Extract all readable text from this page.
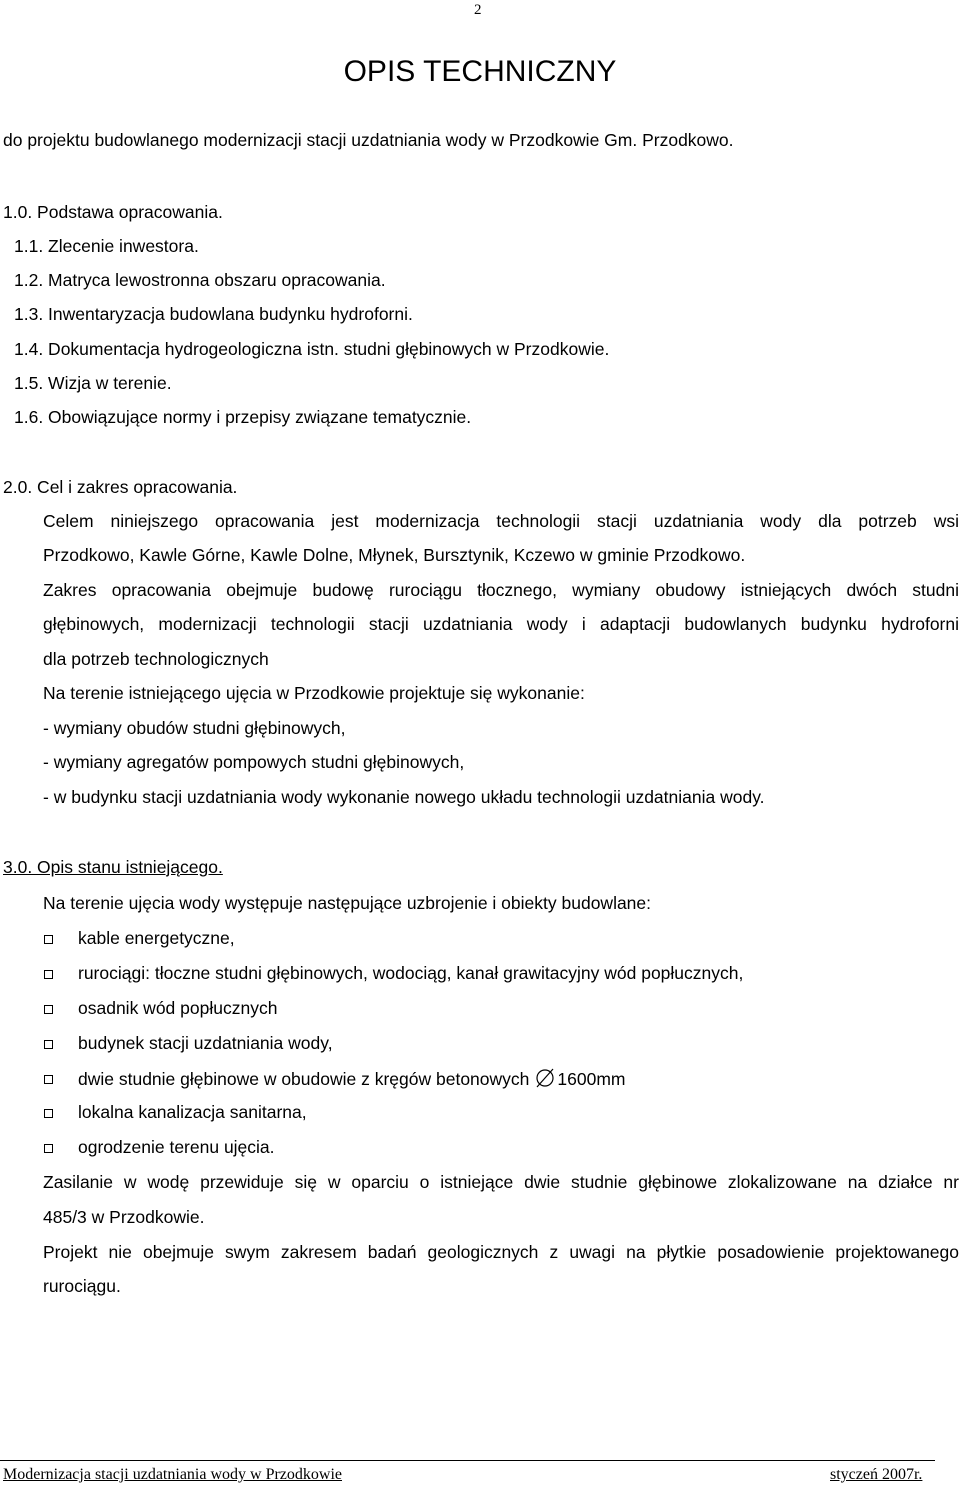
2
OPIS TECHNICZNY
do projektu budowlanego modernizacji stacji uzdatniania wody w Przodkowie Gm. Przodkowo.
1.0. Podstawa opracowania.
1.1. Zlecenie inwestora.
1.2. Matryca lewostronna obszaru opracowania.
1.3. Inwentaryzacja budowlana budynku hydroforni.
1.4. Dokumentacja hydrogeologiczna istn. studni głębinowych w Przodkowie.
1.5. Wizja w terenie.
1.6. Obowiązujące normy i przepisy związane tematycznie.
2.0. Cel i zakres opracowania.
Celem niniejszego opracowania jest modernizacja technologii stacji uzdatniania wody dla potrzeb wsi
Przodkowo, Kawle Górne, Kawle Dolne, Młynek, Bursztynik, Kczewo w gminie Przodkowo.
Zakres opracowania obejmuje budowę rurociągu tłocznego, wymiany obudowy istniejących dwóch studni
głębinowych, modernizacji technologii stacji uzdatniania wody i adaptacji budowlanych budynku hydroforni
dla potrzeb technologicznych
Na terenie istniejącego ujęcia w Przodkowie projektuje się wykonanie:
- wymiany obudów studni głębinowych,
- wymiany agregatów pompowych studni głębinowych,
- w budynku stacji uzdatniania wody wykonanie nowego układu technologii uzdatniania wody.
3.0. Opis stanu istniejącego.
Na terenie ujęcia wody występuje następujące uzbrojenie i obiekty budowlane:
kable energetyczne,
rurociągi: tłoczne studni głębinowych, wodociąg, kanał grawitacyjny wód popłucznych,
osadnik wód popłucznych
budynek stacji uzdatniania wody,
dwie studnie głębinowe w obudowie z kręgów betonowych 1600mm
lokalna kanalizacja sanitarna,
ogrodzenie terenu ujęcia.
Zasilanie w wodę przewiduje się w oparciu o istniejące dwie studnie głębinowe zlokalizowane na działce nr
485/3 w Przodkowie.
Projekt nie obejmuje swym zakresem badań geologicznych z uwagi na płytkie posadowienie projektowanego
rurociągu.
Modernizacja stacji uzdatniania wody w Przodkowie	styczeń 2007r.
